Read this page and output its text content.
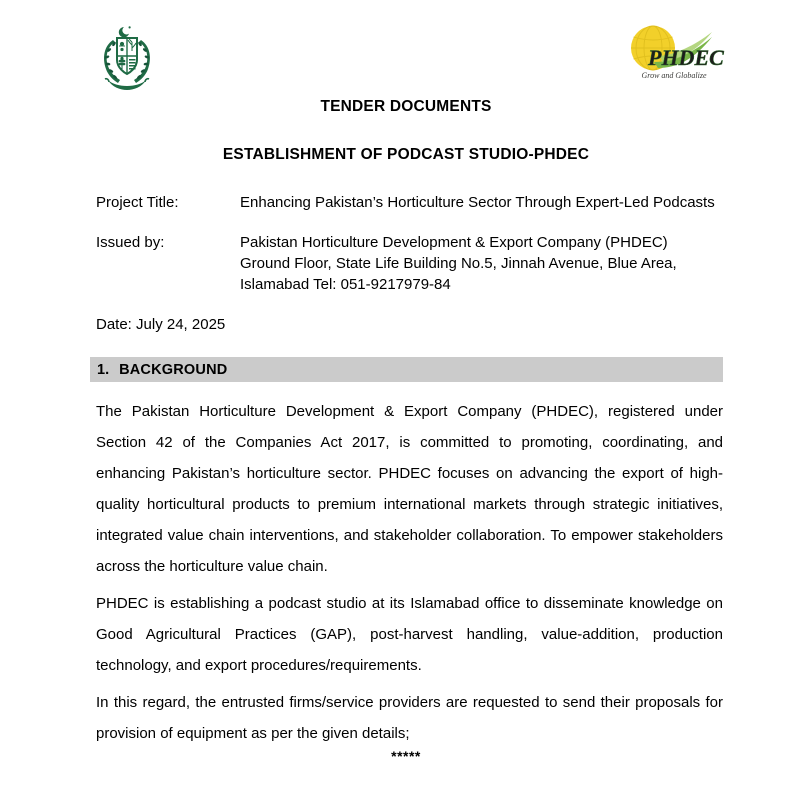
PHDEC
Grow and Globalize
TENDER DOCUMENTS
ESTABLISHMENT OF PODCAST STUDIO-PHDEC
Project Title:	Enhancing Pakistan’s Horticulture Sector Through Expert-Led Podcasts
Issued by:	Pakistan Horticulture Development & Export Company (PHDEC)
Ground Floor, State Life Building No.5, Jinnah Avenue, Blue Area,
Islamabad Tel: 051-9217979-84
Date: July 24, 2025
1. BACKGROUND

The Pakistan Horticulture Development & Export Company (PHDEC), registered under Section 42 of the Companies Act 2017, is committed to promoting, coordinating, and enhancing Pakistan’s horticulture sector. PHDEC focuses on advancing the export of high-quality horticultural products to premium international markets through strategic initiatives, integrated value chain interventions, and stakeholder collaboration. To empower stakeholders across the horticulture value chain.

PHDEC is establishing a podcast studio at its Islamabad office to disseminate knowledge on Good Agricultural Practices (GAP), post-harvest handling, value-addition, production technology, and export procedures/requirements.

In this regard, the entrusted firms/service providers are requested to send their proposals for provision of equipment as per the given details;

*****
